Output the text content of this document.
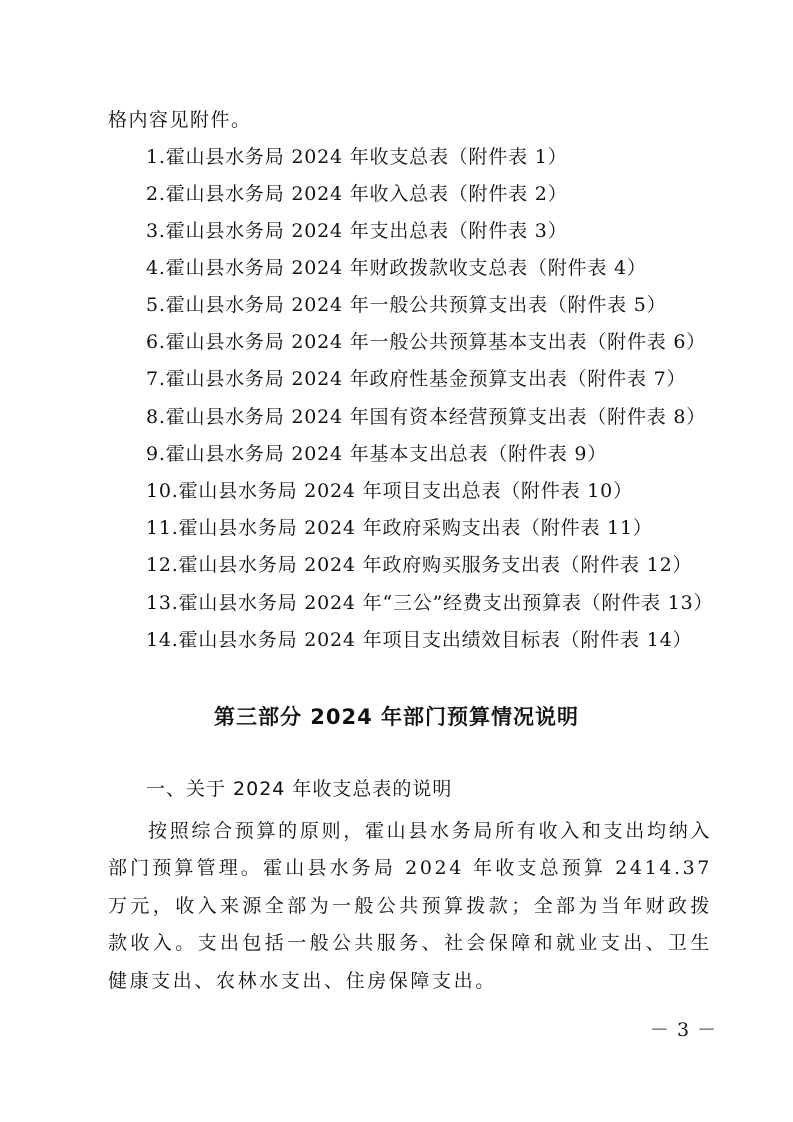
格内容见附件。
1.霍山县水务局 2024 年收支总表（附件表 1）
2.霍山县水务局 2024 年收入总表（附件表 2）
3.霍山县水务局 2024 年支出总表（附件表 3）
4.霍山县水务局 2024 年财政拨款收支总表（附件表 4）
5.霍山县水务局 2024 年一般公共预算支出表（附件表 5）
6.霍山县水务局 2024 年一般公共预算基本支出表（附件表 6）
7.霍山县水务局 2024 年政府性基金预算支出表（附件表 7）
8.霍山县水务局 2024 年国有资本经营预算支出表（附件表 8）
9.霍山县水务局 2024 年基本支出总表（附件表 9）
10.霍山县水务局 2024 年项目支出总表（附件表 10）
11.霍山县水务局 2024 年政府采购支出表（附件表 11）
12.霍山县水务局 2024 年政府购买服务支出表（附件表 12）
13.霍山县水务局 2024 年“三公”经费支出预算表（附件表 13）
14.霍山县水务局 2024 年项目支出绩效目标表（附件表 14）
第三部分 2024 年部门预算情况说明
一、关于 2024 年收支总表的说明

按照综合预算的原则，霍山县水务局所有收入和支出均纳入部门预算管理。霍山县水务局 2024 年收支总预算 2414.37 万元，收入来源全部为一般公共预算拨款；全部为当年财政拨款收入。支出包括一般公共服务、社会保障和就业支出、卫生健康支出、农林水支出、住房保障支出。

－ 3 －
